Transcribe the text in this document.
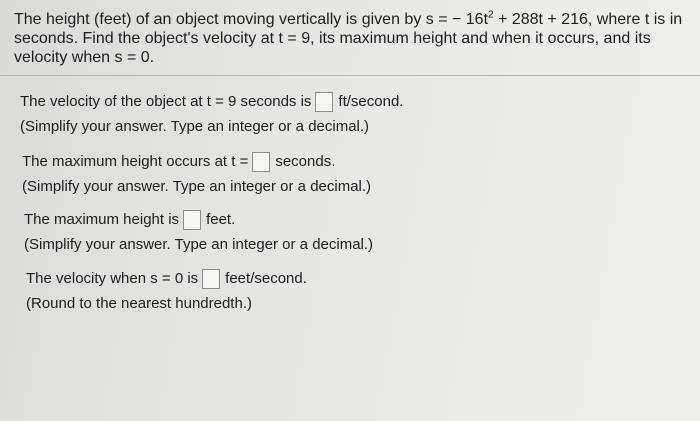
The height (feet) of an object moving vertically is given by s = − $16t^2 + 288t + 216$, where t is in seconds. Find the object's velocity at t = 9, its maximum height and when it occurs, and its velocity when s = 0.
The velocity of the object at t = 9 seconds is ft/second.
(Simplify your answer. Type an integer or a decimal.)
The maximum height occurs at t = seconds.
(Simplify your answer. Type an integer or a decimal.)
The maximum height is feet.
(Simplify your answer. Type an integer or a decimal.)
The velocity when s = 0 is feet/second.
(Round to the nearest hundredth.)
